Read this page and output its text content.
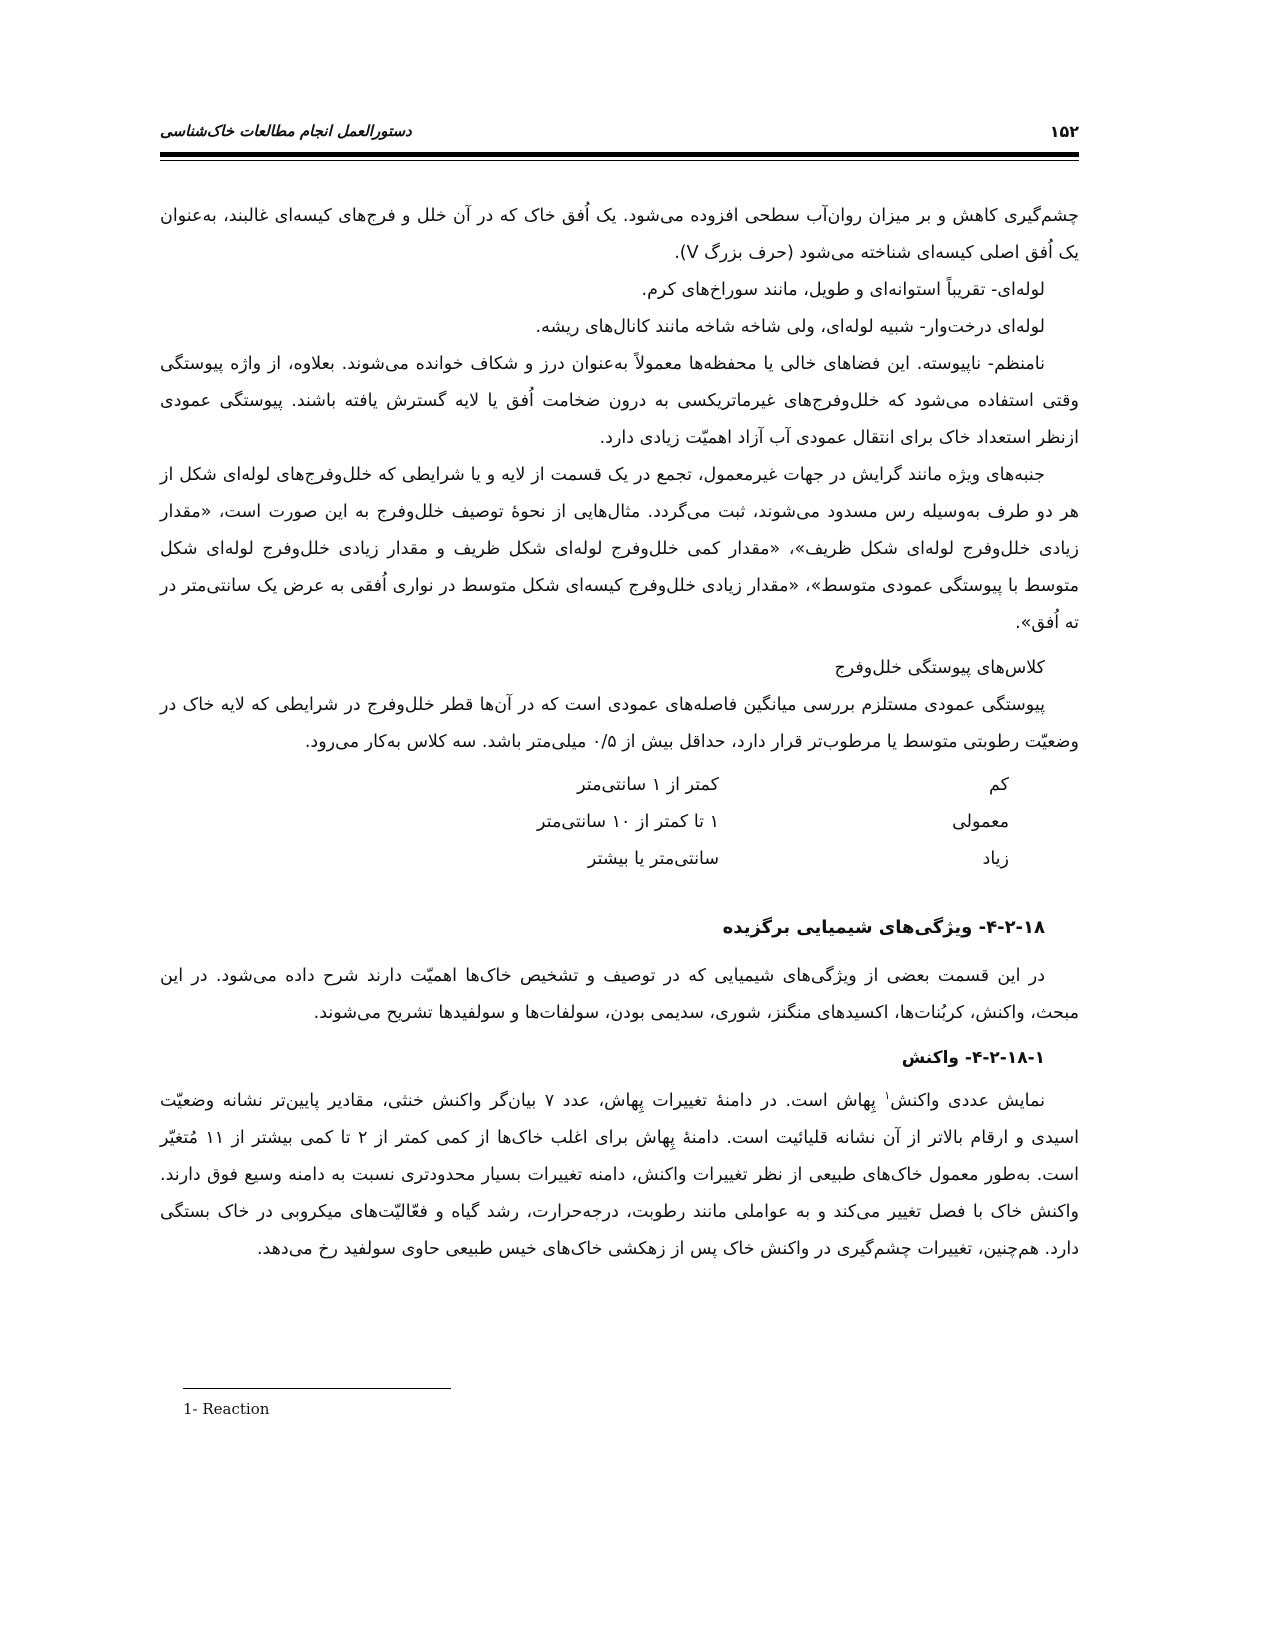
۱۵۲
دستورالعمل انجام مطالعات خاک‌شناسی

چشم‌گیری کاهش و بر میزان روان‌آب سطحی افزوده می‌شود. یک اُفق خاک که در آن خلل و فرج‌های کیسه‌ای غالبند، به‌عنوان یک اُفق اصلی کیسه‌ای شناخته می‌شود (حرف بزرگ V).

لوله‌ای- تقریباً استوانه‌ای و طویل، مانند سوراخ‌های کرم.

لوله‌ای درخت‌وار- شبیه لوله‌ای، ولی شاخه شاخه مانند کانال‌های ریشه.

نامنظم- ناپیوسته. این فضاهای خالی یا محفظه‌ها معمولاً به‌عنوان درز و شکاف خوانده می‌شوند. بعلاوه، از واژه پیوستگی وقتی استفاده می‌شود که خلل‌وفرج‌های غیرماتریکسی به درون ضخامت اُفق یا لایه گسترش یافته باشند. پیوستگی عمودی ازنظر استعداد خاک برای انتقال عمودی آب آزاد اهمیّت زیادی دارد.

جنبه‌های ویژه مانند گرایش در جهات غیرمعمول، تجمع در یک قسمت از لایه و یا شرایطی که خلل‌وفرج‌های لوله‌ای شکل از هر دو طرف به‌وسیله رس مسدود می‌شوند، ثبت می‌گردد. مثال‌هایی از نحوهٔ توصیف خلل‌وفرج به این صورت است، «مقدار زیادی خلل‌وفرج لوله‌ای شکل ظریف»، «مقدار کمی خلل‌وفرج لوله‌ای شکل ظریف و مقدار زیادی خلل‌وفرج لوله‌ای شکل متوسط با پیوستگی عمودی متوسط»، «مقدار زیادی خلل‌وفرج کیسه‌ای شکل متوسط در نواری اُفقی به عرض یک سانتی‌متر در ته اُفق».

کلاس‌های پیوستگی خلل‌وفرج

پیوستگی عمودی مستلزم بررسی میانگین فاصله‌های عمودی است که در آن‌ها قطر خلل‌وفرج در شرایطی که لایه خاک در وضعیّت رطوبتی متوسط یا مرطوب‌تر قرار دارد، حداقل بیش از ۰/۵ میلی‌متر باشد. سه کلاس به‌کار می‌رود.

کم
کمتر از ۱ سانتی‌متر
معمولی
۱ تا کمتر از ۱۰ سانتی‌متر
زیاد
سانتی‌متر یا بیشتر
۴-۲-۱۸- ویژگی‌های شیمیایی برگزیده

در این قسمت بعضی از ویژگی‌های شیمیایی که در توصیف و تشخیص خاک‌ها اهمیّت دارند شرح داده می‌شود. در این مبحث، واکنش، کربُنات‌ها، اکسیدهای منگنز، شوری، سدیمی بودن، سولفات‌ها و سولفیدها تشریح می‌شوند.

۴-۲-۱۸-۱- واکنش

نمایش عددی واکنش$^۱$ پِهاش است. در دامنهٔ تغییرات پِهاش، عدد ۷ بیان‌گر واکنش خنثی، مقادیر پایین‌تر نشانه وضعیّت اسیدی و ارقام بالاتر از آن نشانه قلیائیت است. دامنهٔ پِهاش برای اغلب خاک‌ها از کمی کمتر از ۲ تا کمی بیشتر از ۱۱ مُتغیّر است. به‌طور معمول خاک‌های طبیعی از نظر تغییرات واکنش، دامنه تغییرات بسیار محدودتری نسبت به دامنه وسیع فوق دارند. واکنش خاک با فصل تغییر می‌کند و به عواملی مانند رطوبت، درجه‌حرارت، رشد گیاه و فعّالیّت‌های میکروبی در خاک بستگی دارد. هم‌چنین، تغییرات چشم‌گیری در واکنش خاک پس از زهکشی خاک‌های خیس طبیعی حاوی سولفید رخ می‌دهد.

1- Reaction
